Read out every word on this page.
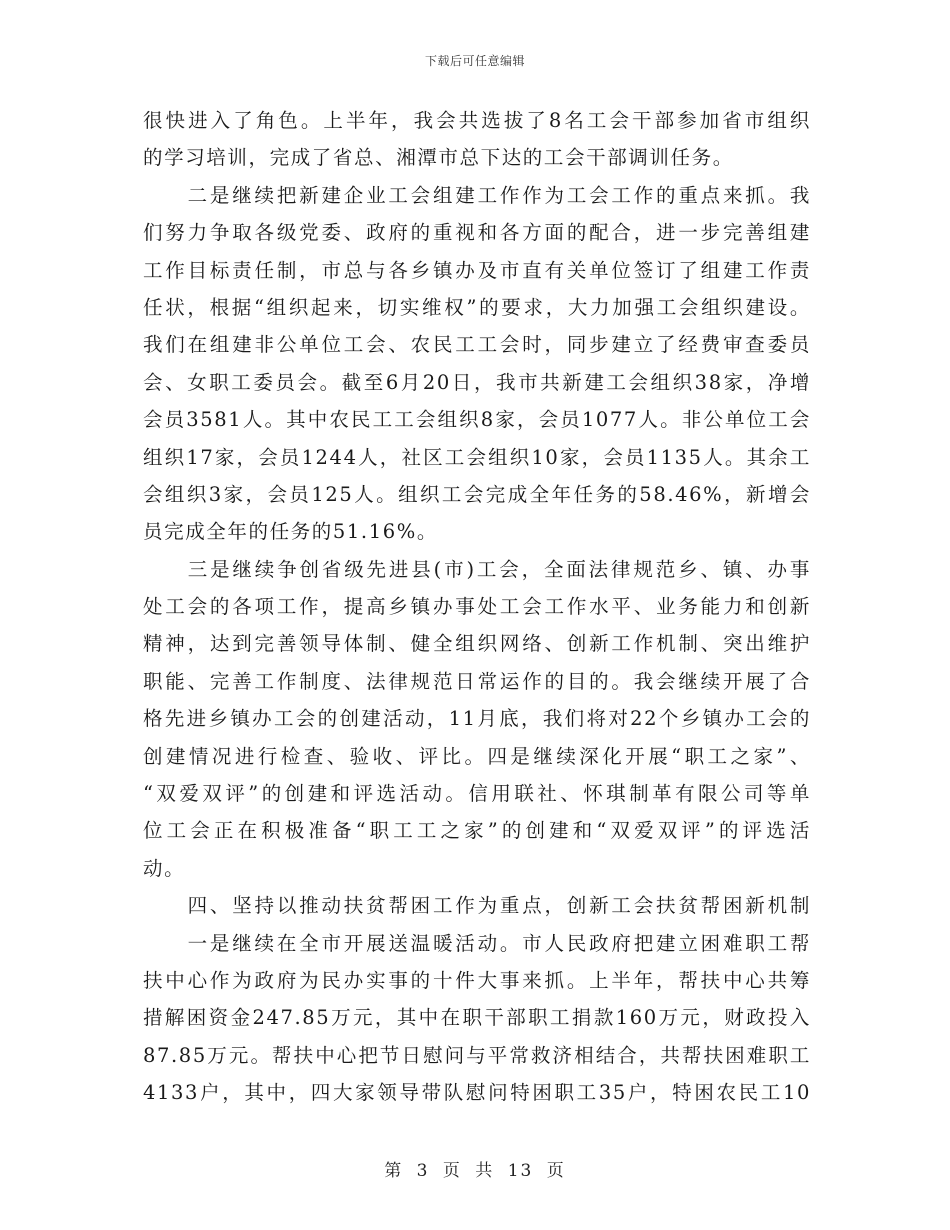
下载后可任意编辑
很快进入了角色。上半年，我会共选拔了8名工会干部参加省市组织
的学习培训，完成了省总、湘潭市总下达的工会干部调训任务。
　　二是继续把新建企业工会组建工作作为工会工作的重点来抓。我
们努力争取各级党委、政府的重视和各方面的配合，进一步完善组建
工作目标责任制，市总与各乡镇办及市直有关单位签订了组建工作责
任状，根据“组织起来，切实维权”的要求，大力加强工会组织建设。
我们在组建非公单位工会、农民工工会时，同步建立了经费审查委员
会、女职工委员会。截至6月20日，我市共新建工会组织38家，净增
会员3581人。其中农民工工会组织8家，会员1077人。非公单位工会
组织17家，会员1244人，社区工会组织10家，会员1135人。其余工
会组织3家，会员125人。组织工会完成全年任务的58.46%，新增会
员完成全年的任务的51.16%。
　　三是继续争创省级先进县(市)工会，全面法律规范乡、镇、办事
处工会的各项工作，提高乡镇办事处工会工作水平、业务能力和创新
精神，达到完善领导体制、健全组织网络、创新工作机制、突出维护
职能、完善工作制度、法律规范日常运作的目的。我会继续开展了合
格先进乡镇办工会的创建活动，11月底，我们将对22个乡镇办工会的
创建情况进行检查、验收、评比。四是继续深化开展“职工之家”、
“双爱双评”的创建和评选活动。信用联社、怀琪制革有限公司等单
位工会正在积极准备“职工工之家”的创建和“双爱双评”的评选活
动。
　　四、坚持以推动扶贫帮困工作为重点，创新工会扶贫帮困新机制
　　一是继续在全市开展送温暖活动。市人民政府把建立困难职工帮
扶中心作为政府为民办实事的十件大事来抓。上半年，帮扶中心共筹
措解困资金247.85万元，其中在职干部职工捐款160万元，财政投入
87.85万元。帮扶中心把节日慰问与平常救济相结合，共帮扶困难职工
4133户，其中，四大家领导带队慰问特困职工35户，特困农民工10
第 3 页 共 13 页
